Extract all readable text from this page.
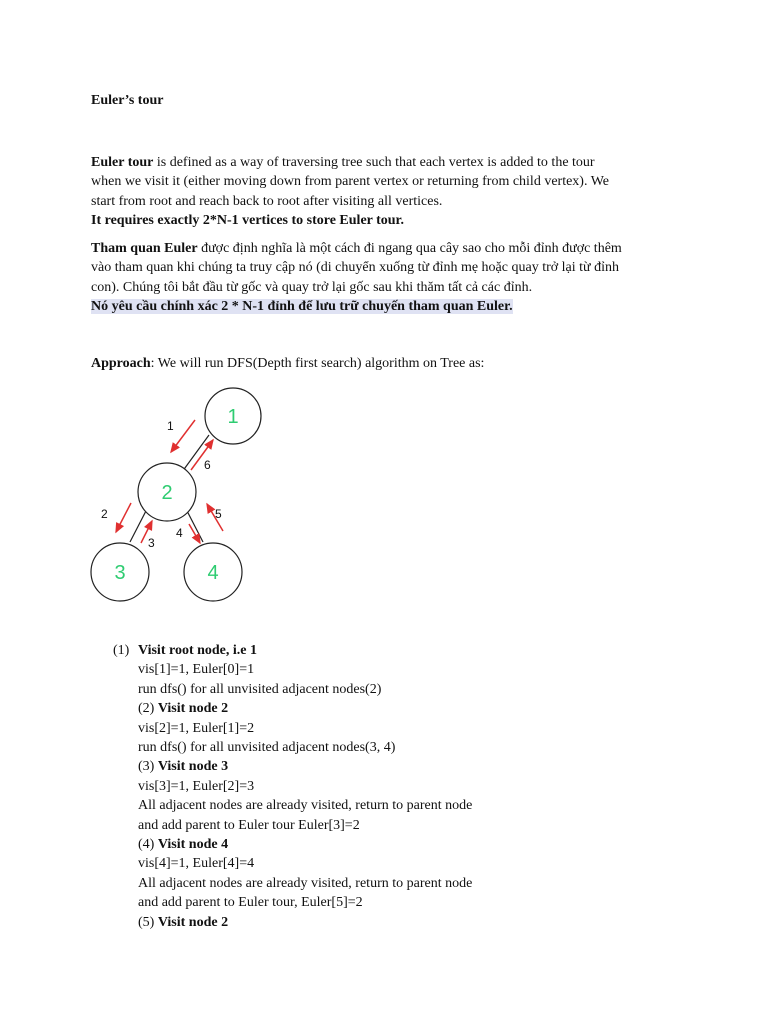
Euler’s tour
Euler tour is defined as a way of traversing tree such that each vertex is added to the tour
when we visit it (either moving down from parent vertex or returning from child vertex). We
start from root and reach back to root after visiting all vertices.
It requires exactly 2*N-1 vertices to store Euler tour.
Tham quan Euler được định nghĩa là một cách đi ngang qua cây sao cho mỗi đỉnh được thêm
vào tham quan khi chúng ta truy cập nó (di chuyển xuống từ đỉnh mẹ hoặc quay trở lại từ đỉnh
con). Chúng tôi bắt đầu từ gốc và quay trở lại gốc sau khi thăm tất cả các đỉnh.
Nó yêu cầu chính xác 2 * N-1 đỉnh để lưu trữ chuyến tham quan Euler.
Approach: We will run DFS(Depth first search) algorithm on Tree as:
1
2
3	4
1
2
3
4
5
6
(1) Visit root node, i.e 1
vis[1]=1, Euler[0]=1
run dfs() for all unvisited adjacent nodes(2)
(2) Visit node 2
vis[2]=1, Euler[1]=2
run dfs() for all unvisited adjacent nodes(3, 4)
(3) Visit node 3
vis[3]=1, Euler[2]=3
All adjacent nodes are already visited, return to parent node
and add parent to Euler tour Euler[3]=2
(4) Visit node 4
vis[4]=1, Euler[4]=4
All adjacent nodes are already visited, return to parent node
and add parent to Euler tour, Euler[5]=2
(5) Visit node 2
